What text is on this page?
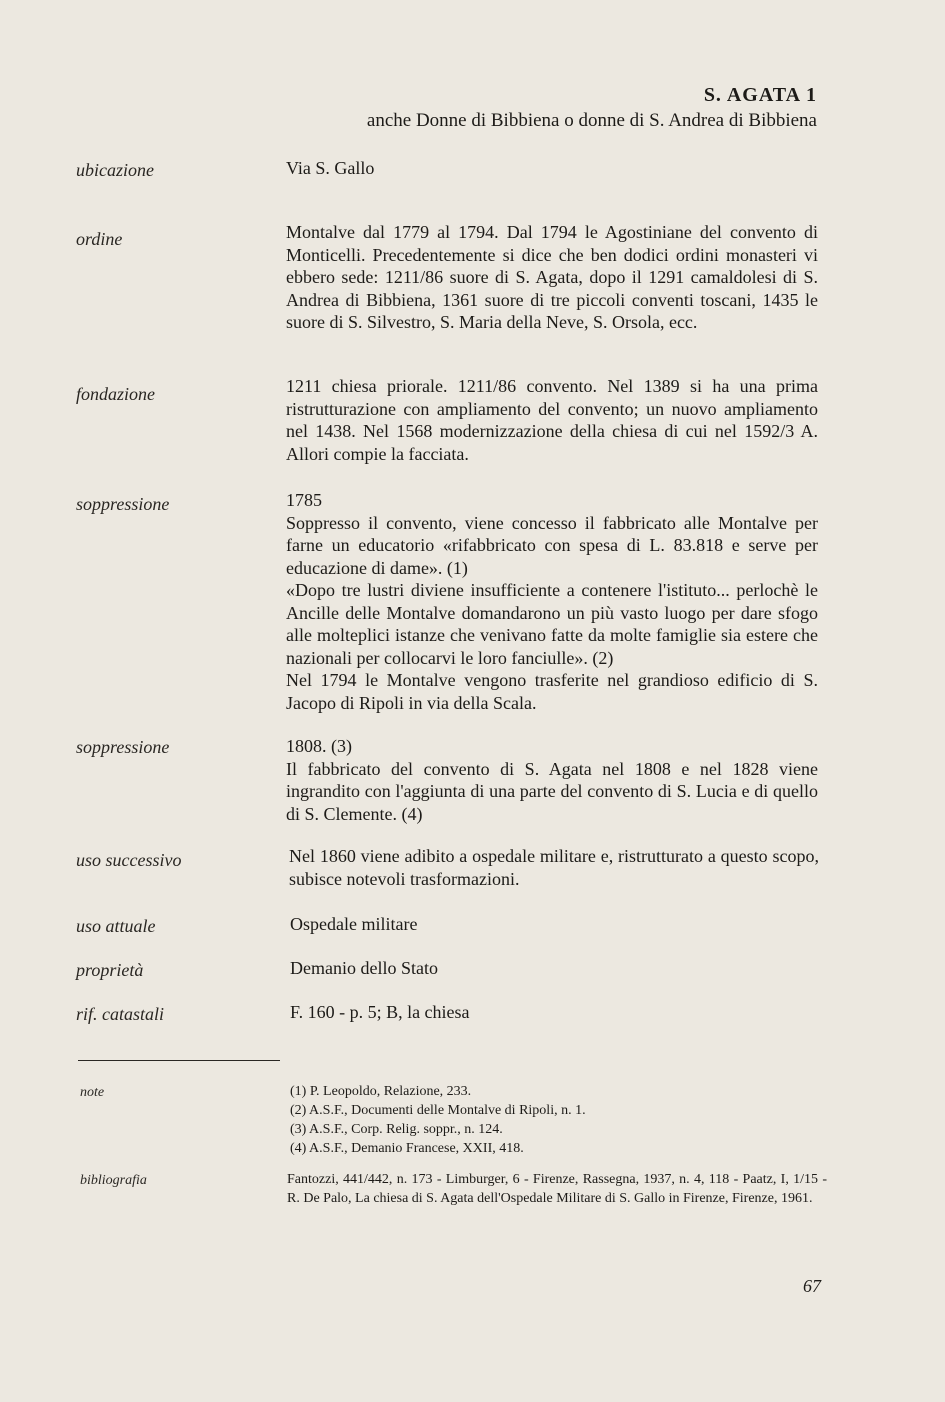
S. AGATA 1
anche Donne di Bibbiena o donne di S. Andrea di Bibbiena
ubicazione	Via S. Gallo

ordine	Montalve dal 1779 al 1794. Dal 1794 le Agostiniane del convento di Monticelli. Precedentemente si dice che ben dodici ordini monasteri vi ebbero sede: 1211/86 suore di S. Agata, dopo il 1291 camaldolesi di S. Andrea di Bibbiena, 1361 suore di tre piccoli conventi toscani, 1435 le suore di S. Silvestro, S. Maria della Neve, S. Orsola, ecc.

fondazione	1211 chiesa priorale. 1211/86 convento. Nel 1389 si ha una prima ristrutturazione con ampliamento del convento; un nuovo ampliamento nel 1438. Nel 1568 modernizzazione della chiesa di cui nel 1592/3 A. Allori compie la facciata.

soppressione	1785

Soppresso il convento, viene concesso il fabbricato alle Montalve per farne un educatorio «rifabbricato con spesa di L. 83.818 e serve per educazione di dame». (1)

«Dopo tre lustri diviene insufficiente a contenere l'istituto... perlochè le Ancille delle Montalve domandarono un più vasto luogo per dare sfogo alle molteplici istanze che venivano fatte da molte famiglie sia estere che nazionali per collocarvi le loro fanciulle». (2)

Nel 1794 le Montalve vengono trasferite nel grandioso edificio di S. Jacopo di Ripoli in via della Scala.

soppressione	1808. (3)

Il fabbricato del convento di S. Agata nel 1808 e nel 1828 viene ingrandito con l'aggiunta di una parte del convento di S. Lucia e di quello di S. Clemente. (4)

uso successivo	Nel 1860 viene adibito a ospedale militare e, ristrutturato a questo scopo, subisce notevoli trasformazioni.

uso attuale	Ospedale militare

proprietà	Demanio dello Stato

rif. catastali	F. 160 - p. 5; B, la chiesa

note	(1) P. Leopoldo, Relazione, 233.
(2) A.S.F., Documenti delle Montalve di Ripoli, n. 1.
(3) A.S.F., Corp. Relig. soppr., n. 124.
(4) A.S.F., Demanio Francese, XXII, 418.
bibliografia	Fantozzi, 441/442, n. 173 - Limburger, 6 - Firenze, Rassegna, 1937, n. 4, 118 - Paatz, I, 1/15 - R. De Palo, La chiesa di S. Agata dell'Ospedale Militare di S. Gallo in Firenze, Firenze, 1961.
67
